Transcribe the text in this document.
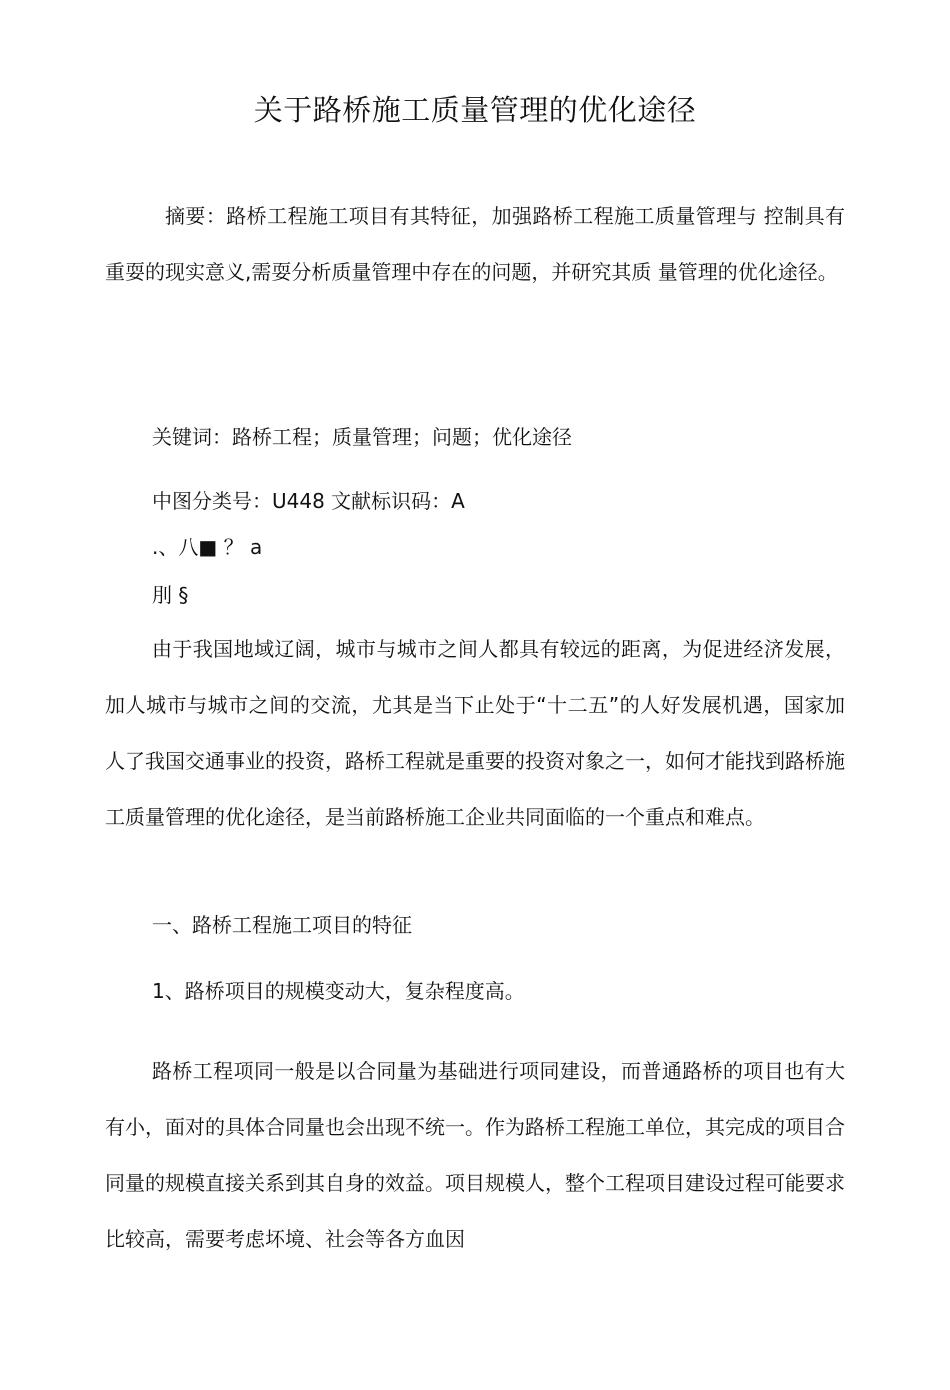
关于路桥施工质量管理的优化途径
摘要：路桥工程施工项目有其特征，加强路桥工程施工质量管理与 控制具有重耍的现实意义,需耍分析质量管理中存在的问题，并研究其质 量管理的优化途径。
关键词：路桥工程；质量管理；问题；优化途径
中图分类号：U448 文献标识码：A
.、八■ ？ a
刖 §
由于我国地域辽阔，城市与城市之间人都具有较远的距离，为促进经济发展，加人城市与城市之间的交流，尤其是当下止处于“十二五”的人好发展机遇，国家加人了我国交通事业的投资，路桥工程就是重要的投资对象之一，如何才能找到路桥施工质量管理的优化途径，是当前路桥施工企业共同面临的一个重点和难点。
一、路桥工程施工项目的特征
1、路桥项目的规模变动大，复杂程度高。
路桥工程项同一般是以合同量为基础进行项同建设，而普通路桥的项目也有大有小，面对的具体合同量也会出现不统一。作为路桥工程施工单位，其完成的项目合同量的规模直接关系到其自身的效益。项目规模人，整个工程项目建设过程可能要求比较高，需要考虑坏境、社会等各方血因
